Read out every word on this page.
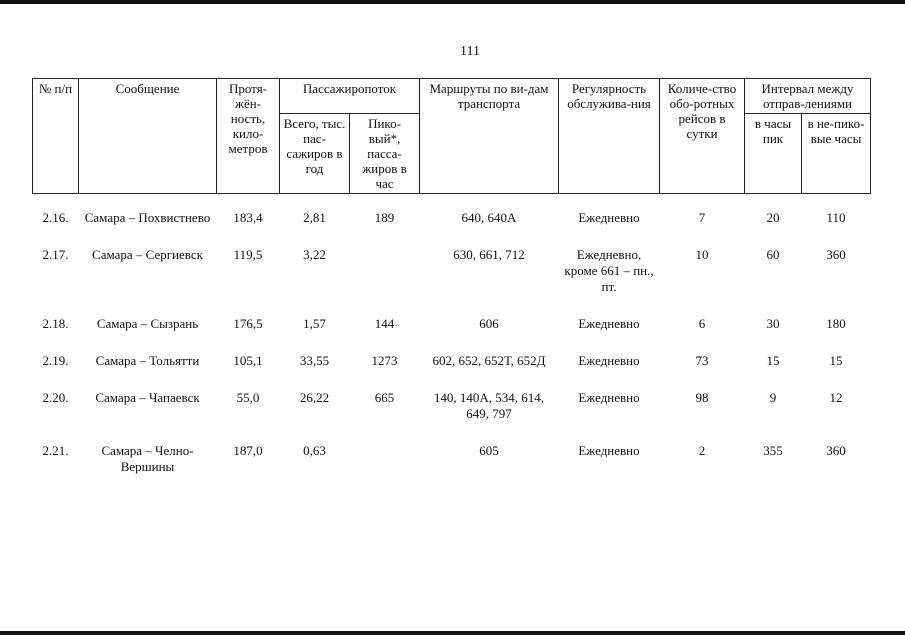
111
№ п/п	Сообщение	Протя-жён-ность, кило-метров	Пассажиропоток		Маршруты по ви-дам транспорта	Регулярность обслужива-ния	Количе-ство обо-ротных рейсов в сутки	Интервал между отправ-лениями	
			Всего, тыс. пас-сажиров в год	Пико-вый*, пасса-жиров в час				в часы пик	в не-пико-вые часы

2.16.	Самара – Похвистнево	183,4	2,81	189	640, 640А	Ежедневно	7	20	110
2.17.	Самара – Сергиевск	119,5	3,22		630, 661, 712	Ежедневно, кроме 661 – пн., пт.	10	60	360
2.18.	Самара – Сызрань	176,5	1,57	144	606	Ежедневно	6	30	180
2.19.	Самара – Тольятти	105,1	33,55	1273	602, 652, 652Т, 652Д	Ежедневно	73	15	15
2.20.	Самара – Чапаевск	55,0	26,22	665	140, 140А, 534, 614, 649, 797	Ежедневно	98	9	12
2.21.	Самара – Челно-Вершины	187,0	0,63		605	Ежедневно	2	355	360
